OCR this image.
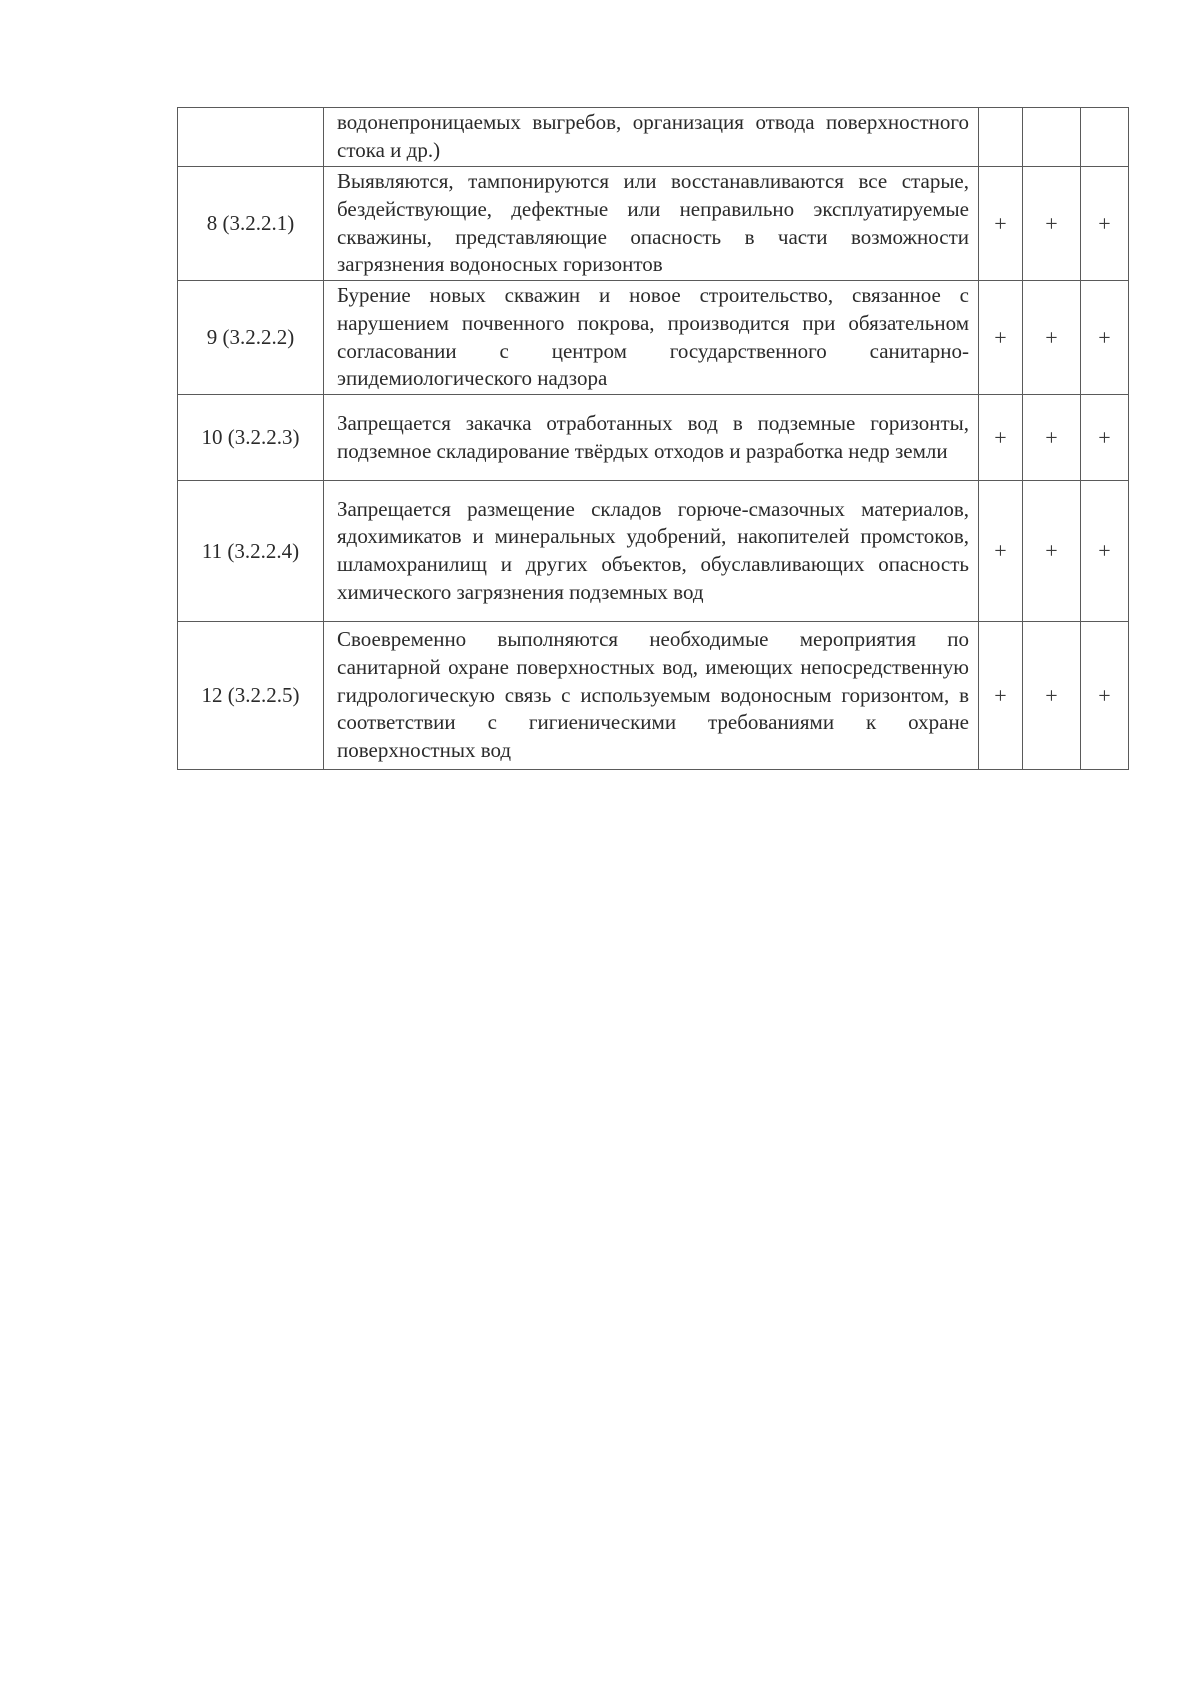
	водонепроницаемых выгребов, организация отвода поверхностного стока и др.)			
8 (3.2.2.1)	Выявляются, тампонируются или восстанавливаются все старые, бездействующие, дефектные или неправильно эксплуатируемые скважины, представляющие опасность в части возможности загрязнения водоносных горизонтов	+	+	+
9 (3.2.2.2)	Бурение новых скважин и новое строительство, связанное с нарушением почвенного покрова, производится при обязательном согласовании с центром государственного санитарно-эпидемиологического надзора	+	+	+
10 (3.2.2.3)	Запрещается закачка отработанных вод в подземные горизонты, подземное складирование твёрдых отходов и разработка недр земли	+	+	+
11 (3.2.2.4)	Запрещается размещение складов горюче-смазочных материалов, ядохимикатов и минеральных удобрений, накопителей промстоков, шламохранилищ и других объектов, обуславливающих опасность химического загрязнения подземных вод	+	+	+
12 (3.2.2.5)	Своевременно выполняются необходимые мероприятия по санитарной охране поверхностных вод, имеющих непосредственную гидрологическую связь с используемым водоносным горизонтом, в соответствии с гигиеническими требованиями к охране поверхностных вод	+	+	+
